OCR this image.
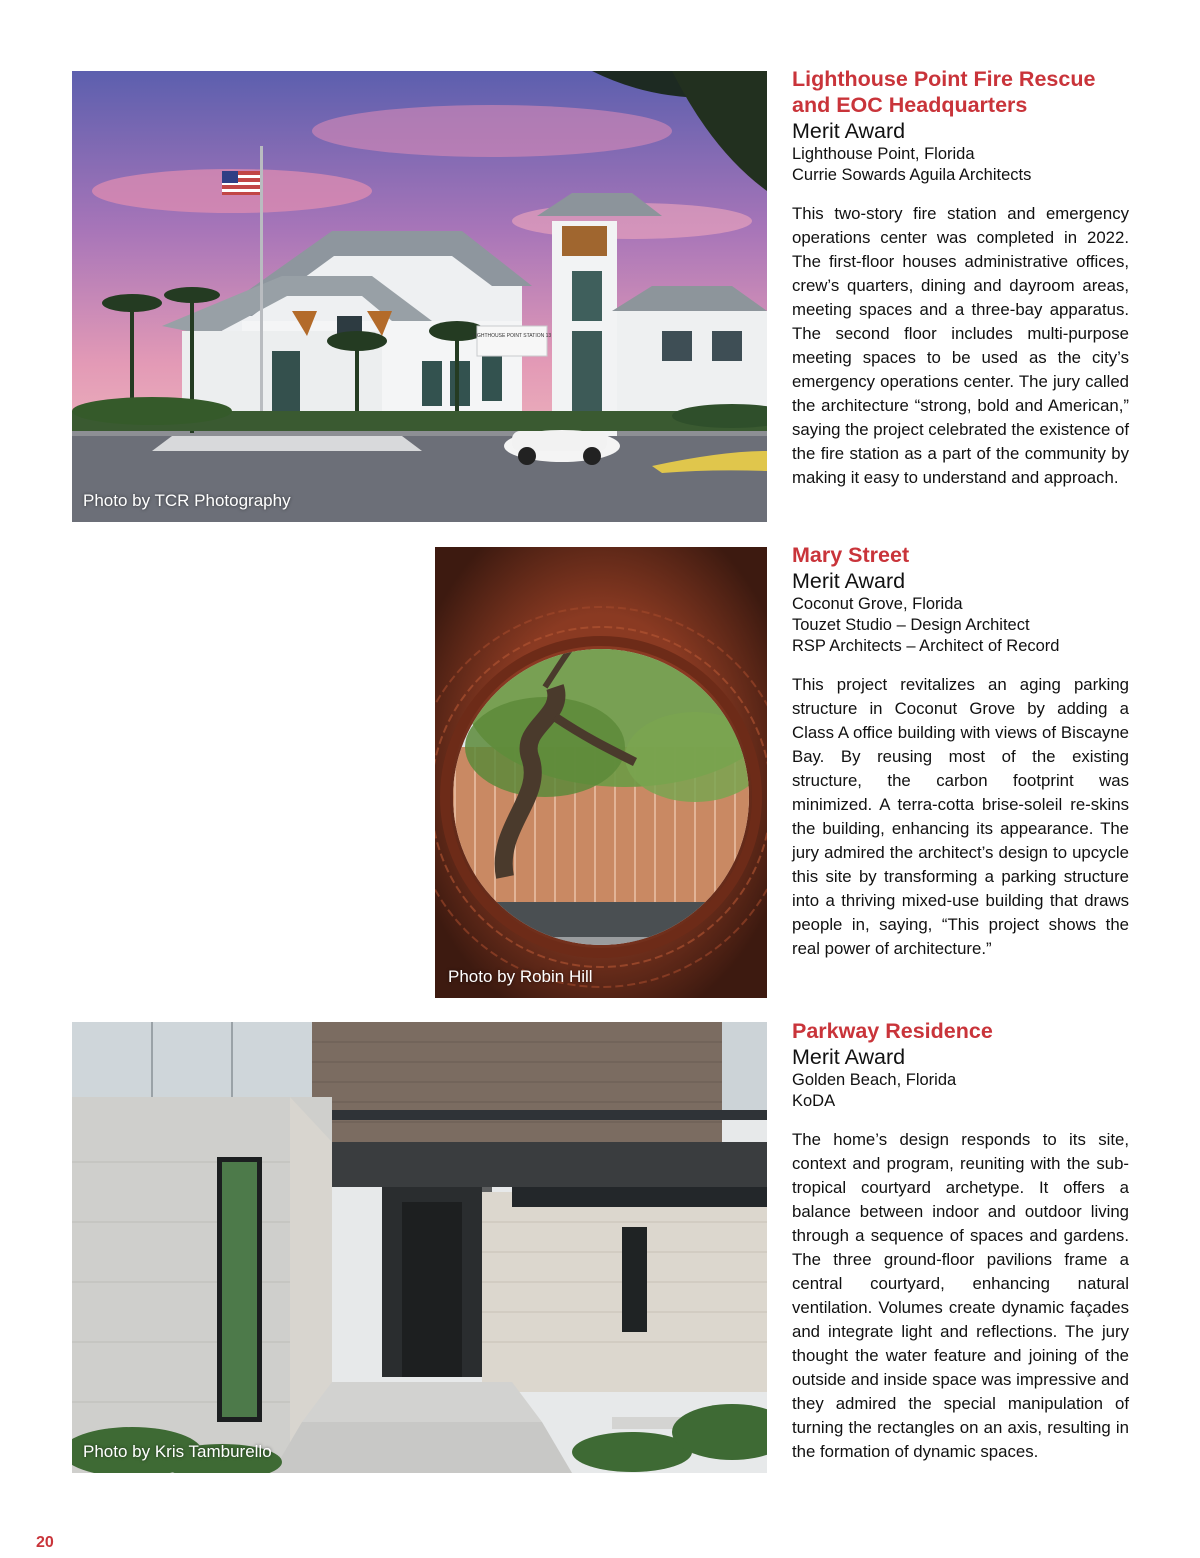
LIGHTHOUSE POINT STATION 13
Photo by TCR Photography
Lighthouse Point Fire Rescue
and EOC Headquarters
Merit Award
Lighthouse Point, Florida
Currie Sowards Aguila Architects

This two-story fire station and emergency operations center was completed in 2022. The first-floor houses administrative offices, crew’s quarters, dining and dayroom areas, meeting spaces and a three-bay apparatus. The second floor includes multi-purpose meeting spaces to be used as the city’s emergency operations center. The jury called the architecture “strong, bold and American,” saying the project celebrated the existence of the fire station as a part of the community by making it easy to understand and approach.

Photo by Robin Hill
Mary Street
Merit Award
Coconut Grove, Florida
Touzet Studio – Design Architect
RSP Architects – Architect of Record

This project revitalizes an aging parking structure in Coconut Grove by adding a Class A office building with views of Biscayne Bay. By reusing most of the existing structure, the carbon footprint was minimized. A terra-cotta brise-soleil re-skins the building, enhancing its appearance. The jury admired the architect’s design to upcycle this site by transforming a parking structure into a thriving mixed-use building that draws people in, saying, “This project shows the real power of architecture.”

Photo by Kris Tamburello
Parkway Residence
Merit Award
Golden Beach, Florida
KoDA

The home’s design responds to its site, context and program, reuniting with the sub-tropical courtyard archetype. It offers a balance between indoor and outdoor living through a sequence of spaces and gardens. The three ground-floor pavilions frame a central courtyard, enhancing natural ventilation. Volumes create dynamic façades and integrate light and reflections. The jury thought the water feature and joining of the outside and inside space was impressive and they admired the special manipulation of turning the rectangles on an axis, resulting in the formation of dynamic spaces.

20
